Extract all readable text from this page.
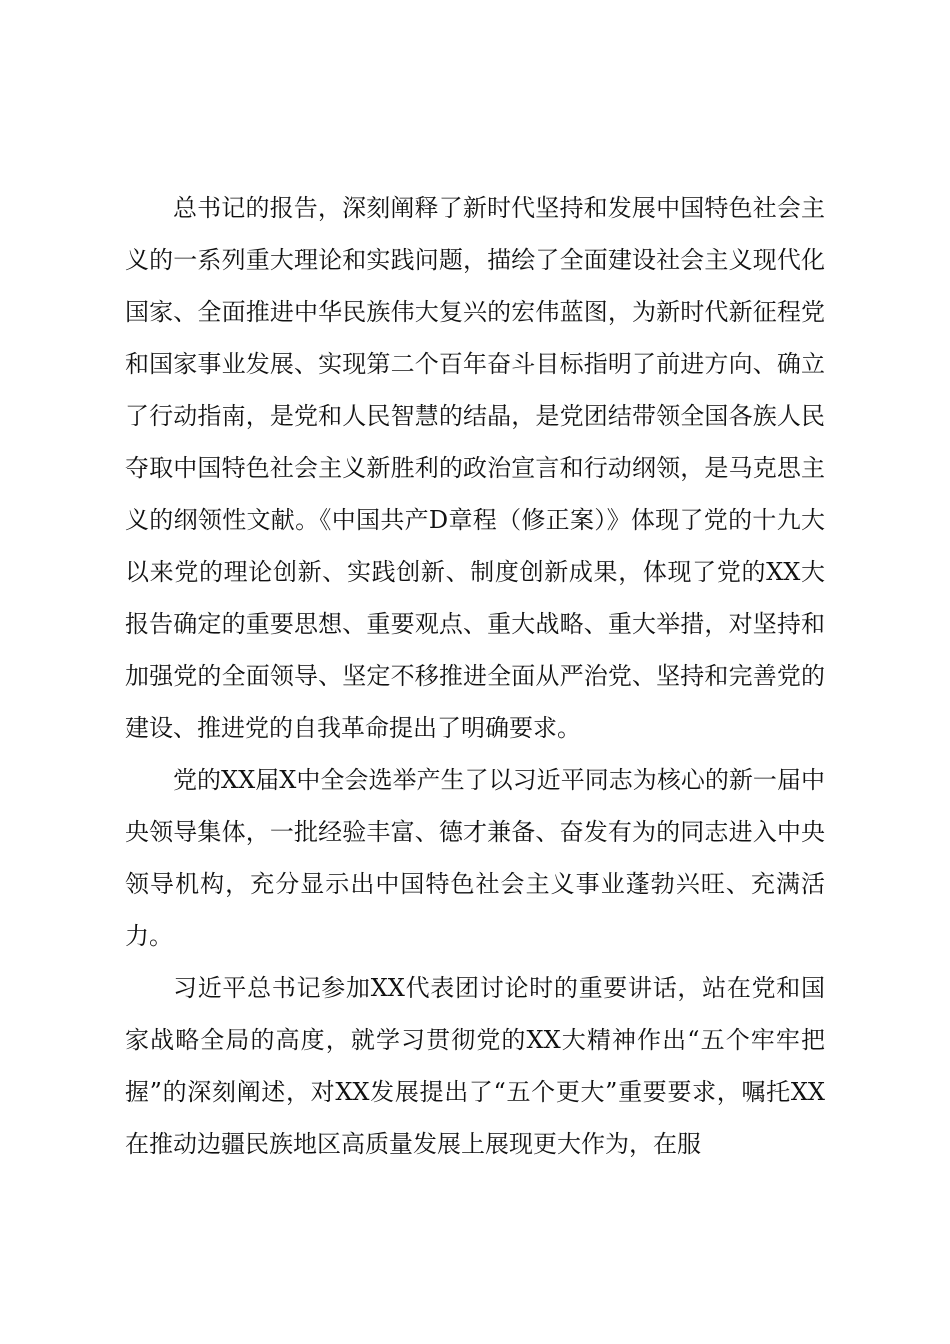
总书记的报告，深刻阐释了新时代坚持和发展中国特色社会主义的一系列重大理论和实践问题，描绘了全面建设社会主义现代化国家、全面推进中华民族伟大复兴的宏伟蓝图，为新时代新征程党和国家事业发展、实现第二个百年奋斗目标指明了前进方向、确立了行动指南，是党和人民智慧的结晶，是党团结带领全国各族人民夺取中国特色社会主义新胜利的政治宣言和行动纲领，是马克思主义的纲领性文献。《中国共产D章程（修正案）》体现了党的十九大以来党的理论创新、实践创新、制度创新成果，体现了党的XX大报告确定的重要思想、重要观点、重大战略、重大举措，对坚持和加强党的全面领导、坚定不移推进全面从严治党、坚持和完善党的建设、推进党的自我革命提出了明确要求。

党的XX届X中全会选举产生了以习近平同志为核心的新一届中央领导集体，一批经验丰富、德才兼备、奋发有为的同志进入中央领导机构，充分显示出中国特色社会主义事业蓬勃兴旺、充满活力。

习近平总书记参加XX代表团讨论时的重要讲话，站在党和国家战略全局的高度，就学习贯彻党的XX大精神作出“五个牢牢把握”的深刻阐述，对XX发展提出了“五个更大”重要要求，嘱托XX在推动边疆民族地区高质量发展上展现更大作为，在服
